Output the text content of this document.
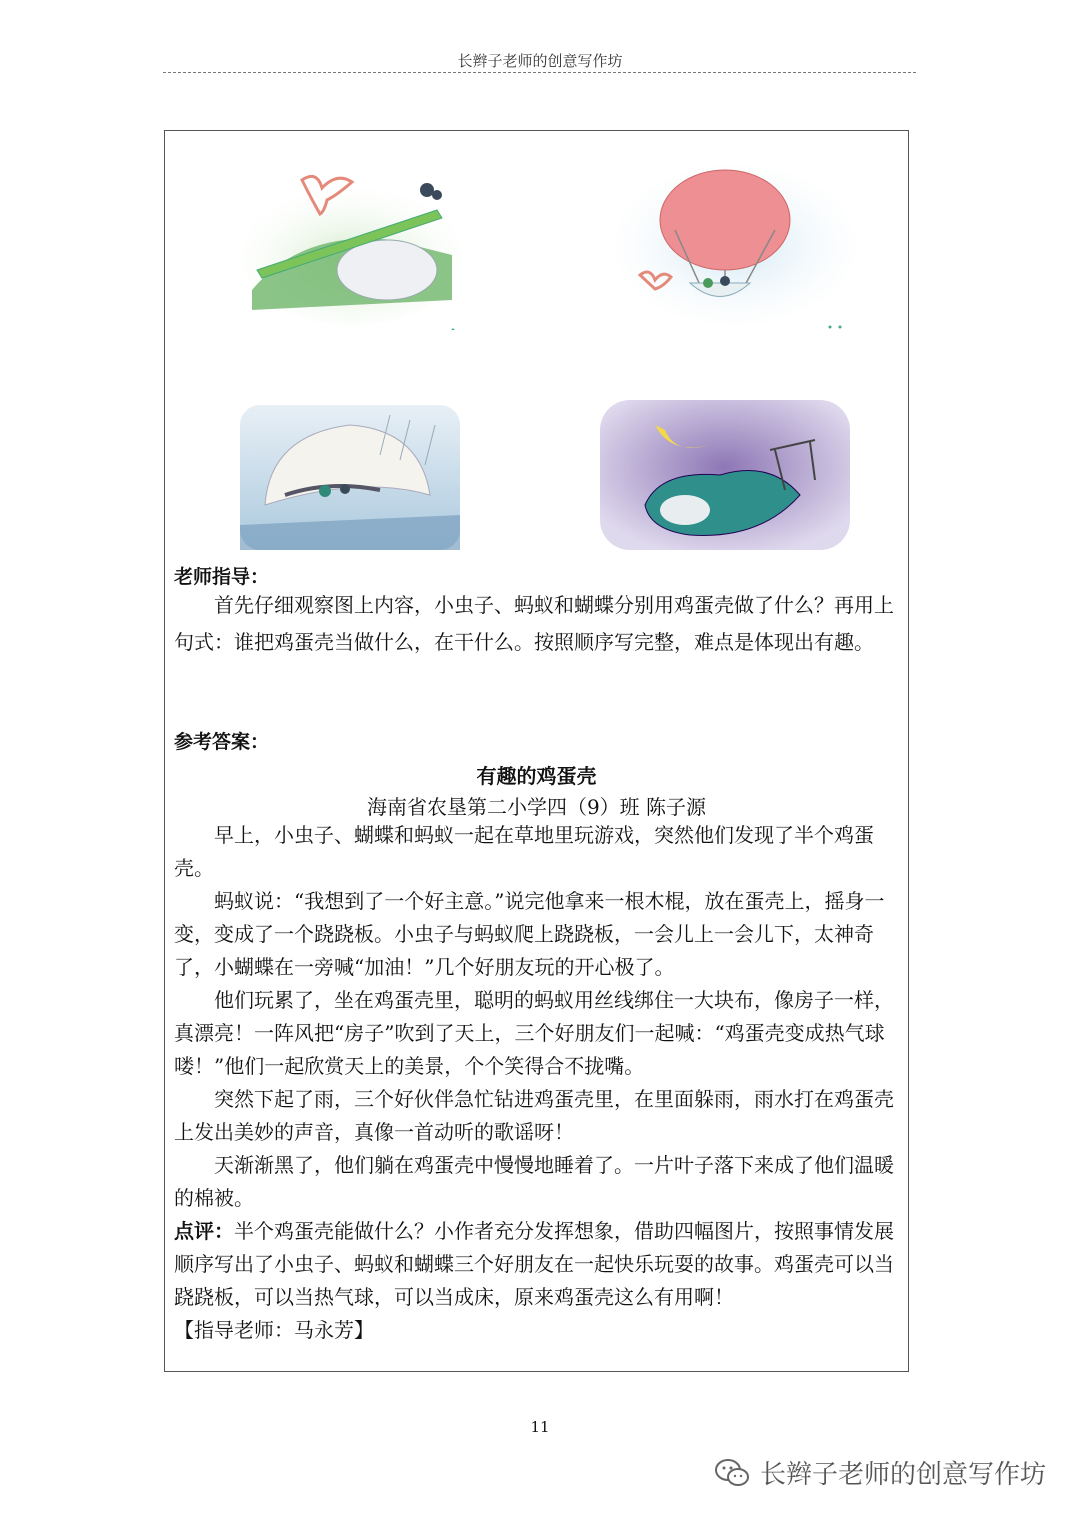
长辫子老师的创意写作坊
老师指导：

首先仔细观察图上内容，小虫子、蚂蚁和蝴蝶分别用鸡蛋壳做了什么？再用上句式：谁把鸡蛋壳当做什么，在干什么。按照顺序写完整，难点是体现出有趣。

参考答案：
有趣的鸡蛋壳
海南省农垦第二小学四（9）班 陈子源

早上，小虫子、蝴蝶和蚂蚁一起在草地里玩游戏，突然他们发现了半个鸡蛋壳。

蚂蚁说：“我想到了一个好主意。”说完他拿来一根木棍，放在蛋壳上，摇身一变，变成了一个跷跷板。小虫子与蚂蚁爬上跷跷板，一会儿上一会儿下，太神奇了，小蝴蝶在一旁喊“加油！”几个好朋友玩的开心极了。

他们玩累了，坐在鸡蛋壳里，聪明的蚂蚁用丝线绑住一大块布，像房子一样，真漂亮！一阵风把“房子”吹到了天上，三个好朋友们一起喊：“鸡蛋壳变成热气球喽！”他们一起欣赏天上的美景，个个笑得合不拢嘴。

突然下起了雨，三个好伙伴急忙钻进鸡蛋壳里，在里面躲雨，雨水打在鸡蛋壳上发出美妙的声音，真像一首动听的歌谣呀！

天渐渐黑了，他们躺在鸡蛋壳中慢慢地睡着了。一片叶子落下来成了他们温暖的棉被。

点评：半个鸡蛋壳能做什么？小作者充分发挥想象，借助四幅图片，按照事情发展顺序写出了小虫子、蚂蚁和蝴蝶三个好朋友在一起快乐玩耍的故事。鸡蛋壳可以当跷跷板，可以当热气球，可以当成床，原来鸡蛋壳这么有用啊！

【指导老师：马永芳】

11
长辫子老师的创意写作坊
